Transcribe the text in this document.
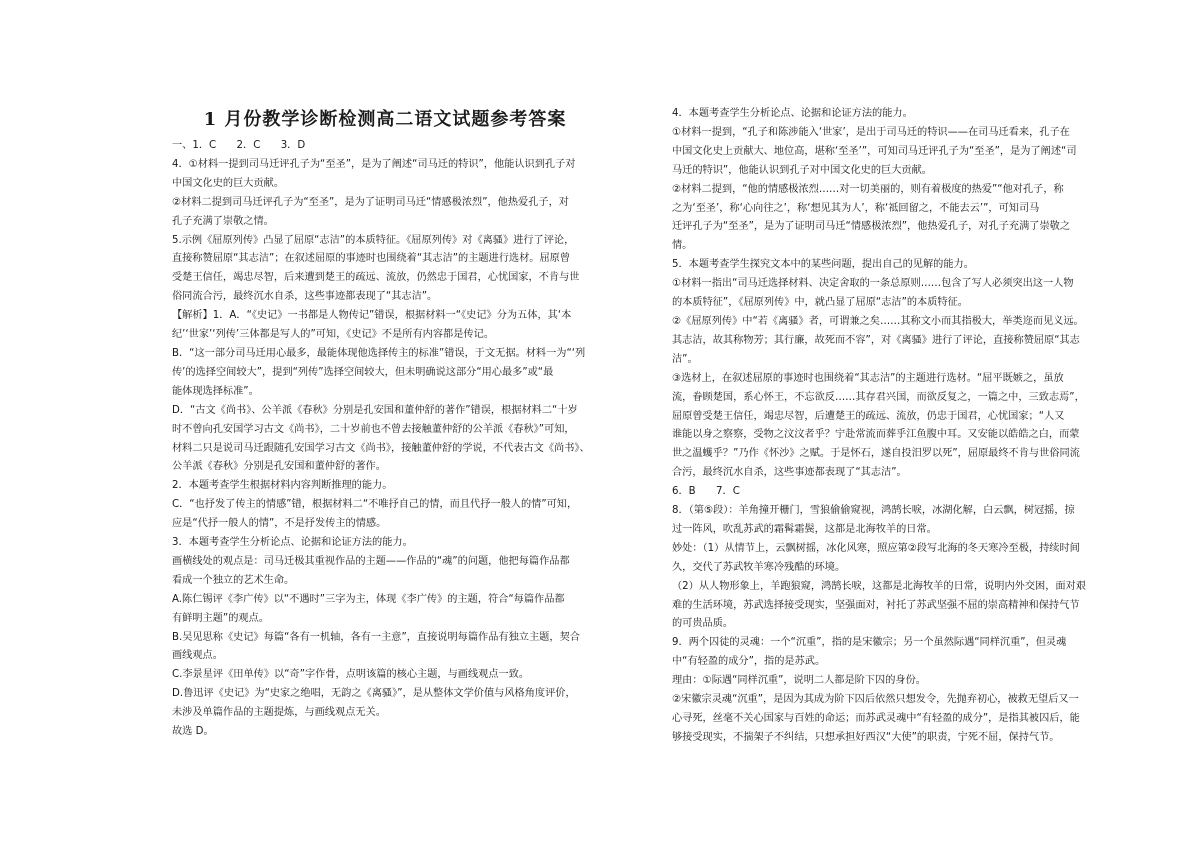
1 月份教学诊断检测高二语文试题参考答案

一、1．C　　2．C　　3．D

4．①材料一提到司马迁评孔子为“至圣”，是为了阐述“司马迁的特识”，他能认识到孔子对

中国文化史的巨大贡献。

②材料二提到司马迁评孔子为“至圣”，是为了证明司马迁“情感极浓烈”，他热爱孔子，对

孔子充满了崇敬之情。

5.示例《屈原列传》凸显了屈原“志洁”的本质特征。《屈原列传》对《离骚》进行了评论，

直接称赞屈原“其志洁”；在叙述屈原的事迹时也围绕着“其志洁”的主题进行选材。屈原曾

受楚王信任，竭忠尽智，后来遭到楚王的疏远、流放，仍然忠于国君，心忧国家，不肯与世

俗同流合污，最终沉水自杀，这些事迹都表现了“其志洁”。

【解析】1．A．“《史记》一书都是人物传记”错误，根据材料一“《史记》分为五体，其‘本

纪’‘世家’‘列传’三体都是写人的”可知，《史记》不是所有内容都是传记。

B．“这一部分司马迁用心最多，最能体现他选择传主的标准”错误，于文无据。材料一为“‘列

传’的选择空间较大”，提到“列传”选择空间较大，但未明确说这部分“用心最多”或“最

能体现选择标准”。

D．“古文《尚书》、公羊派《春秋》分别是孔安国和董仲舒的著作”错误，根据材料二“十岁

时不曾向孔安国学习古文《尚书》，二十岁前也不曾去接触董仲舒的公羊派《春秋》”可知，

材料二只是说司马迁跟随孔安国学习古文《尚书》，接触董仲舒的学说，不代表古文《尚书》、

公羊派《春秋》分别是孔安国和董仲舒的著作。

2．本题考查学生根据材料内容判断推理的能力。

C．“也抒发了传主的情感”错，根据材料二“不唯抒自己的情，而且代抒一般人的情”可知，

应是“代抒一般人的情”，不是抒发传主的情感。

3．本题考查学生分析论点、论据和论证方法的能力。

画横线处的观点是：司马迁极其重视作品的主题——作品的“魂”的问题，他把每篇作品都

看成一个独立的艺术生命。

A.陈仁锡评《李广传》以“不遇时”三字为主，体现《李广传》的主题，符合“每篇作品都

有鲜明主题”的观点。

B.吴见思称《史记》每篇“各有一机轴，各有一主意”，直接说明每篇作品有独立主题，契合

画线观点。

C.李景星评《田单传》以“奇”字作骨，点明该篇的核心主题，与画线观点一致。

D.鲁迅评《史记》为“史家之绝唱，无韵之《离骚》”，是从整体文学价值与风格角度评价，

未涉及单篇作品的主题提炼，与画线观点无关。

故选 D。

4．本题考查学生分析论点、论据和论证方法的能力。

①材料一提到，“孔子和陈涉能入‘世家’，是出于司马迁的特识——在司马迁看来，孔子在

中国文化史上贡献大、地位高，堪称‘至圣’”，可知司马迁评孔子为“至圣”，是为了阐述“司

马迁的特识”，他能认识到孔子对中国文化史的巨大贡献。

②材料二提到，“他的情感极浓烈……对一切美丽的，则有着极度的热爱”“他对孔子，称

之为‘至圣’，称‘心向往之’，称‘想见其为人’，称‘祗回留之，不能去云’”，可知司马

迁评孔子为“至圣”，是为了证明司马迁“情感极浓烈”，他热爱孔子，对孔子充满了崇敬之

情。

5．本题考查学生探究文本中的某些问题，提出自己的见解的能力。

①材料一指出“司马迁选择材料、决定舍取的一条总原则……包含了写人必须突出这一人物

的本质特征”，《屈原列传》中，就凸显了屈原“志洁”的本质特征。

②《屈原列传》中“若《离骚》者，可谓兼之矣……其称文小而其指极大，举类迩而见义远。

其志洁，故其称物芳；其行廉，故死而不容”，对《离骚》进行了评论，直接称赞屈原“其志

洁”。

③选材上，在叙述屈原的事迹时也围绕着“其志洁”的主题进行选材。“屈平既嫉之，虽放

流，眷顾楚国，系心怀王，不忘欲反……其存君兴国，而欲反复之，一篇之中，三致志焉”，

屈原曾受楚王信任，竭忠尽智，后遭楚王的疏远、流放，仍忠于国君，心忧国家；“人又

谁能以身之察察，受物之汶汶者乎？宁赴常流而葬乎江鱼腹中耳。又安能以皓皓之白，而蒙

世之温蠖乎？”乃作《怀沙》之赋。于是怀石，遂自投汨罗以死”，屈原最终不肯与世俗同流

合污，最终沉水自杀，这些事迹都表现了“其志洁”。

6．B　　7．C

8．（第⑤段）：羊角撞开栅门，雪狼偷偷窥视，鸿鹄长唳，冰湖化解，白云飘，树冠摇，掠

过一阵风，吹乱苏武的霜髯霜鬓，这都是北海牧羊的日常。

妙处：（1）从情节上，云飘树摇，冰化风寒，照应第②段写北海的冬天寒冷至极，持续时间

久，交代了苏武牧羊寒冷残酷的环境。

（2）从人物形象上，羊跑狼窥，鸿鹄长唳，这都是北海牧羊的日常，说明内外交困，面对艰

难的生活环境，苏武选择接受现实，坚强面对，衬托了苏武坚强不屈的崇高精神和保持气节

的可贵品质。

9．两个囚徒的灵魂：一个“沉重”，指的是宋徽宗；另一个虽然际遇“同样沉重”，但灵魂

中“有轻盈的成分”，指的是苏武。

理由：①际遇“同样沉重”，说明二人都是阶下囚的身份。

②宋徽宗灵魂“沉重”，是因为其成为阶下囚后依然只想发令，先抛弃初心，被救无望后又一

心寻死，丝毫不关心国家与百姓的命运；而苏武灵魂中“有轻盈的成分”，是指其被囚后，能

够接受现实，不揣架子不纠结，只想承担好西汉“大使”的职责，宁死不屈，保持气节。
